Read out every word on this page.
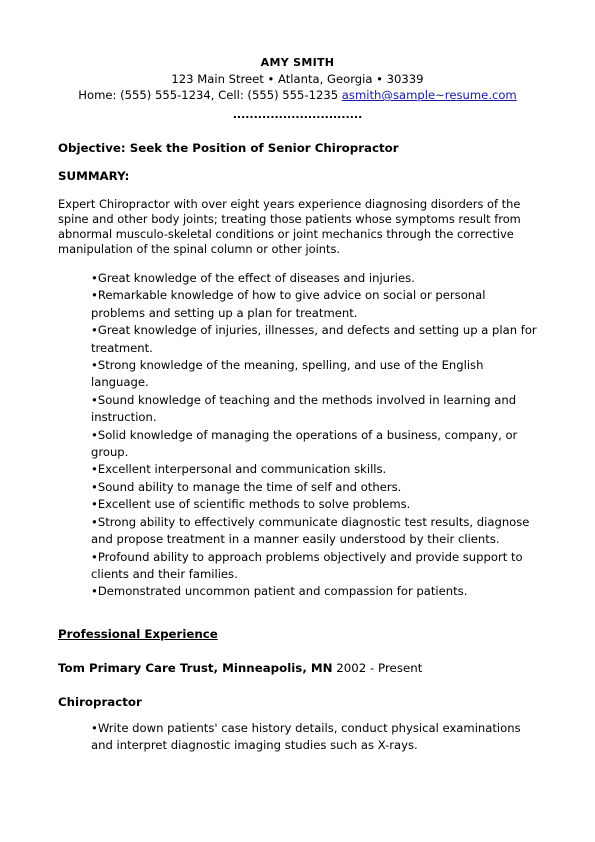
AMY SMITH
123 Main Street • Atlanta, Georgia • 30339
Home: (555) 555-1234, Cell: (555) 555-1235 asmith@sample~resume.com
...............................
Objective: Seek the Position of Senior Chiropractor
SUMMARY:
Expert Chiropractor with over eight years experience diagnosing disorders of the spine and other body joints; treating those patients whose symptoms result from abnormal musculo-skeletal conditions or joint mechanics through the corrective manipulation of the spinal column or other joints.
•Great knowledge of the effect of diseases and injuries.
•Remarkable knowledge of how to give advice on social or personal problems and setting up a plan for treatment.
•Great knowledge of injuries, illnesses, and defects and setting up a plan for treatment.
•Strong knowledge of the meaning, spelling, and use of the English language.
•Sound knowledge of teaching and the methods involved in learning and instruction.
•Solid knowledge of managing the operations of a business, company, or group.
•Excellent interpersonal and communication skills.
•Sound ability to manage the time of self and others.
•Excellent use of scientific methods to solve problems.
•Strong ability to effectively communicate diagnostic test results, diagnose and propose treatment in a manner easily understood by their clients.
•Profound ability to approach problems objectively and provide support to clients and their families.
•Demonstrated uncommon patient and compassion for patients.
Professional Experience
Tom Primary Care Trust, Minneapolis, MN 2002 - Present
Chiropractor
•Write down patients' case history details, conduct physical examinations and interpret diagnostic imaging studies such as X-rays.
